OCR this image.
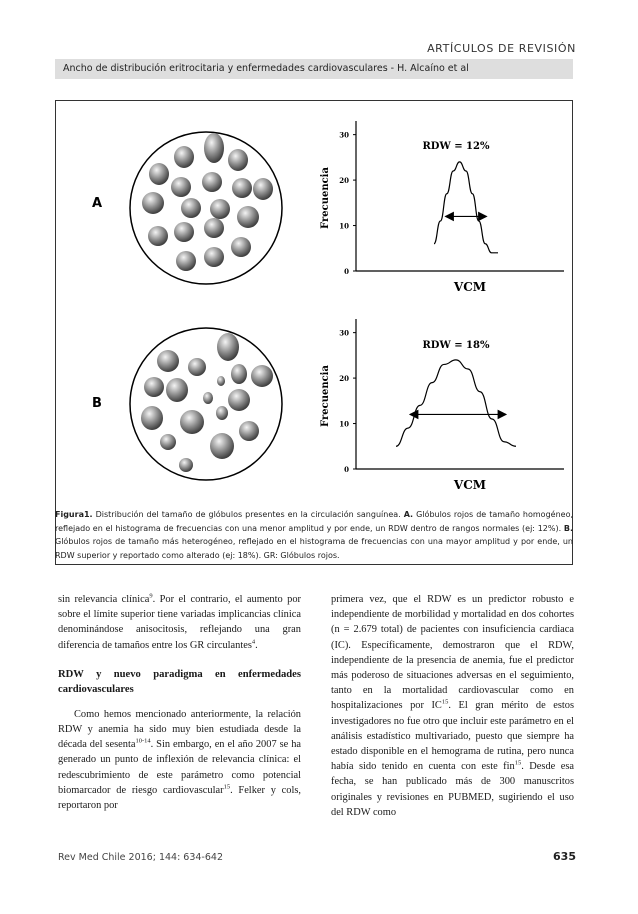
ARTÍCULOS DE REVISIÓN
Ancho de distribución eritrocitaria y enfermedades cardiovasculares - H. Alcaíno et al
A
B
0
10
20
30
Frecuencia
VCM
RDW = 12%
0
10
20
30
Frecuencia
VCM
RDW = 18%
Figura1. Distribución del tamaño de glóbulos presentes en la circulación sanguínea. A. Glóbulos rojos de tamaño homogéneo, reflejado en el histograma de frecuencias con una menor amplitud y por ende, un RDW dentro de rangos normales (ej: 12%). B. Glóbulos rojos de tamaño más heterogéneo, reflejado en el histograma de frecuencias con una mayor amplitud y por ende, un RDW superior y reportado como alterado (ej: 18%). GR: Glóbulos rojos.

sin relevancia clínica$^9$. Por el contrario, el aumento por sobre el límite superior tiene variadas implicancias clínica denominándose anisocitosis, reflejando una gran diferencia de tamaños entre los GR circulantes$^4$.

RDW y nuevo paradigma en enfermedades cardiovasculares

Como hemos mencionado anteriormente, la relación RDW y anemia ha sido muy bien estudiada desde la década del sesenta$^{10-14}$. Sin embargo, en el año 2007 se ha generado un punto de inflexión de relevancia clínica: el redescubrimiento de este parámetro como potencial biomarcador de riesgo cardiovascular$^{15}$. Felker y cols, reportaron por

primera vez, que el RDW es un predictor robusto e independiente de morbilidad y mortalidad en dos cohortes (n = 2.679 total) de pacientes con insuficiencia cardiaca (IC). Específicamente, demostraron que el RDW, independiente de la presencia de anemia, fue el predictor más poderoso de situaciones adversas en el seguimiento, tanto en la mortalidad cardiovascular como en hospitalizaciones por IC$^{15}$. El gran mérito de estos investigadores no fue otro que incluir este parámetro en el análisis estadístico multivariado, puesto que siempre ha estado disponible en el hemograma de rutina, pero nunca había sido tenido en cuenta con este fin$^{15}$. Desde esa fecha, se han publicado más de 300 manuscritos originales y revisiones en PUBMED, sugiriendo el uso del RDW como

Rev Med Chile 2016; 144: 634-642	635
